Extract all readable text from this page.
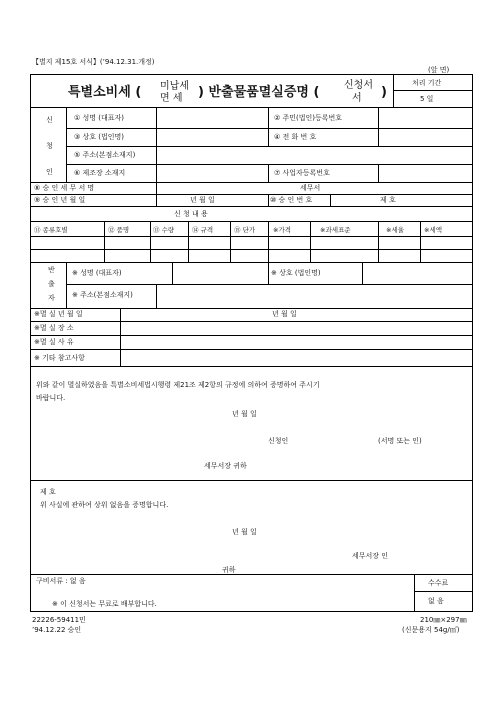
【별지 제15호 서식】(’94.12.31.개정)
(앞 면)
특별소비세 ( 미납세
면 세 ) 반출물품멸실증명 ( 신청서
서 )
처리 기간
5 일
신
청
인
① 성명 (대표자)	② 주민(법인)등록번호
③ 상호 (법인명)	④ 전 화 번 호
⑤ 주소(본점소재지)
⑥ 제조장 소재지	⑦ 사업자등록번호
⑧ 승 인 세 무 서 명	세무서
⑨ 승 인 년 월 일	년 월 일	⑩ 승 인 번 호	제 호
신 청 내 용
⑪ 종류호별	⑫ 품명	⑬ 수량	⑭ 규격	⑮ 단가	※가격	※과세표준	※세율	※세액
반
출
자
※ 성명 (대표자)	※ 상호 (법인명)
※ 주소(본점소재지)
※멸 실 년 월 일	년 월 일
※멸 실 장 소
※멸 실 사 유
※ 기타 참고사항
위와 같이 멸실하였음을 특별소비세법시행령 제21조 제2항의 규정에 의하여 증명하여 주시기
바랍니다.
년 월 일
신청인	(서명 또는 인)
세무서장 귀하
제 호
위 사실에 관하여 상위 없음을 증명합니다.
년 월 일
세무서장 인
귀하
구비서류 : 없 음	수수료
없 음
※ 이 신청서는 무료로 배부합니다.
22226-59411민
’94.12.22 승인
210㎜×297㎜
(신문용지 54g/㎡)
